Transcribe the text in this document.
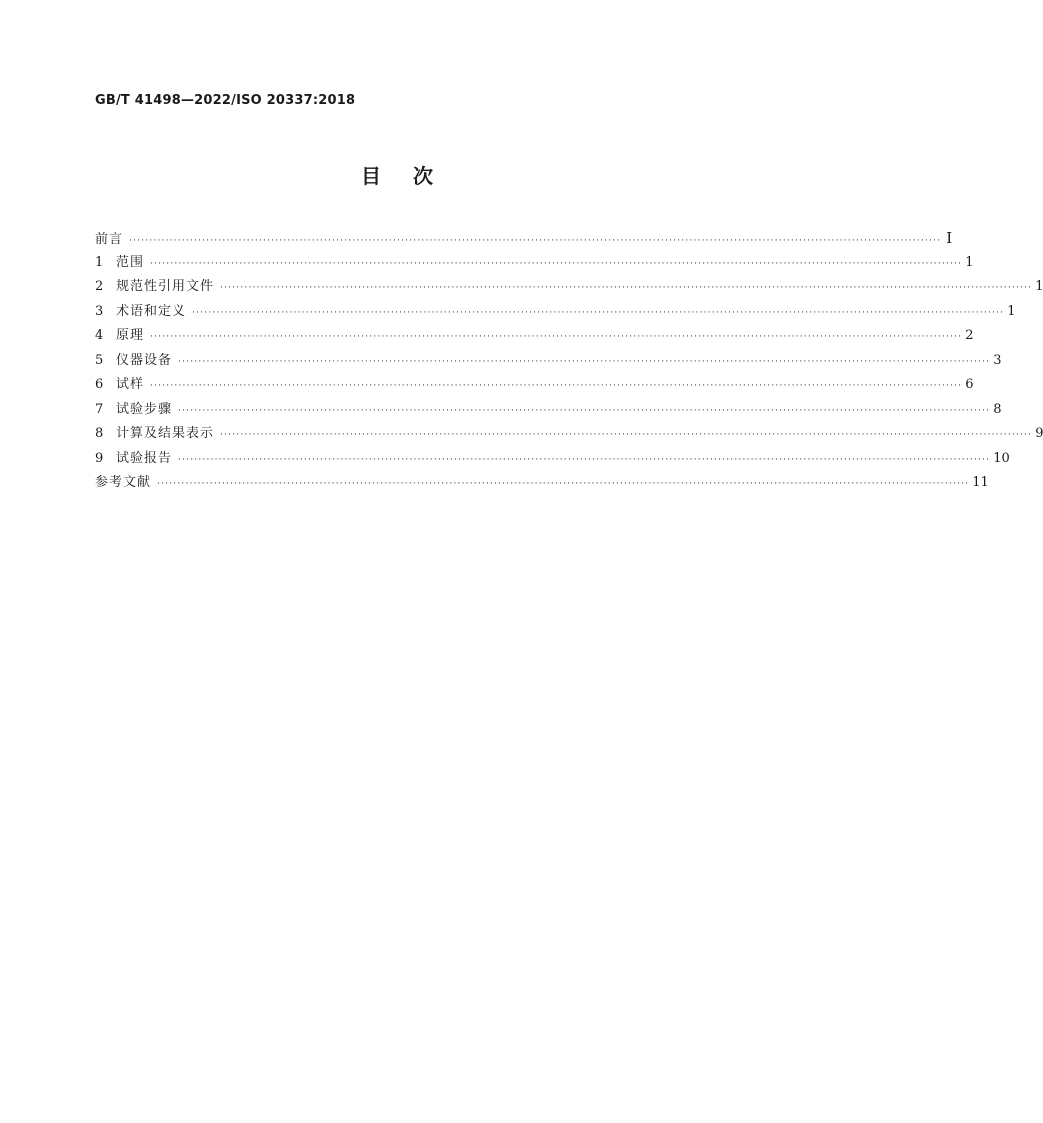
GB/T 41498—2022/ISO 20337:2018
目次
前言 ········································································································································································································ I
1 范围 ········································································································································································································ 1
2 规范性引用文件 ········································································································································································································ 1
3 术语和定义 ········································································································································································································ 1
4 原理 ········································································································································································································ 2
5 仪器设备 ········································································································································································································ 3
6 试样 ········································································································································································································ 6
7 试验步骤 ········································································································································································································ 8
8 计算及结果表示 ········································································································································································································ 9
9 试验报告 ········································································································································································································ 10
参考文献 ········································································································································································································ 11
